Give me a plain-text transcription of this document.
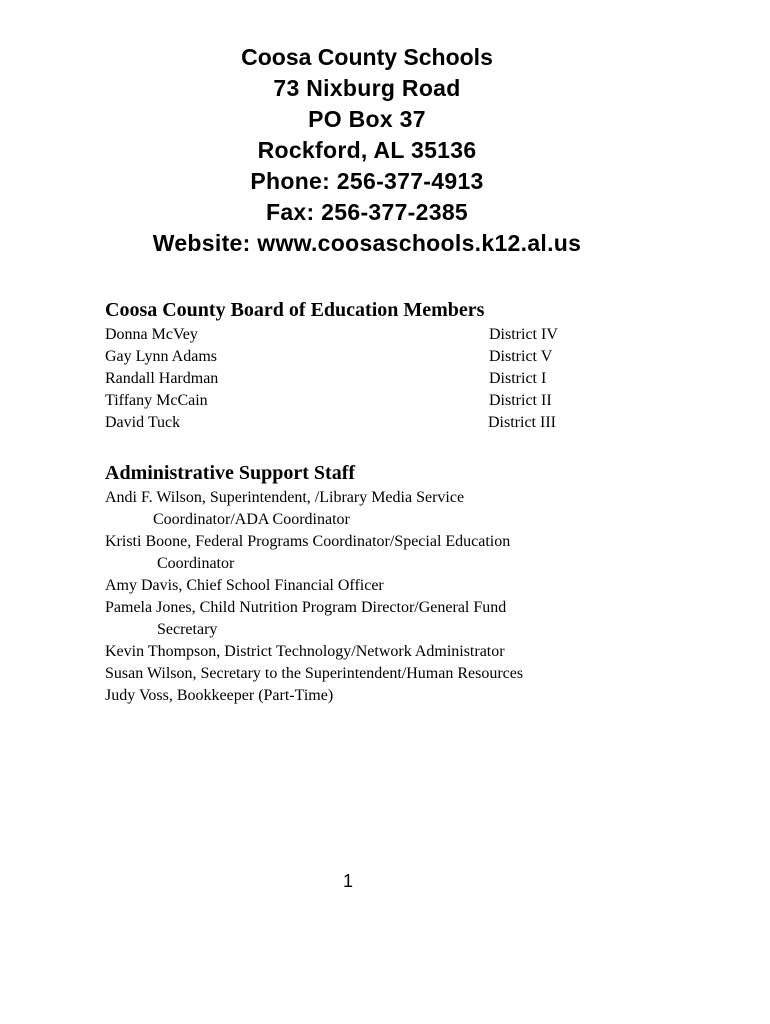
Coosa County Schools
73 Nixburg Road
PO Box 37
Rockford, AL 35136
Phone: 256-377-4913
Fax: 256-377-2385
Website: www.coosaschools.k12.al.us
Coosa County Board of Education Members
Donna McVey	District IV
Gay Lynn Adams	District V
Randall Hardman	District I
Tiffany McCain	District II
David Tuck	District III
Administrative Support Staff
Andi F. Wilson, Superintendent, /Library Media Service
Coordinator/ADA Coordinator
Kristi Boone, Federal Programs Coordinator/Special Education
Coordinator
Amy Davis, Chief School Financial Officer
Pamela Jones, Child Nutrition Program Director/General Fund
Secretary
Kevin Thompson, District Technology/Network Administrator
Susan Wilson, Secretary to the Superintendent/Human Resources
Judy Voss, Bookkeeper (Part-Time)
1
